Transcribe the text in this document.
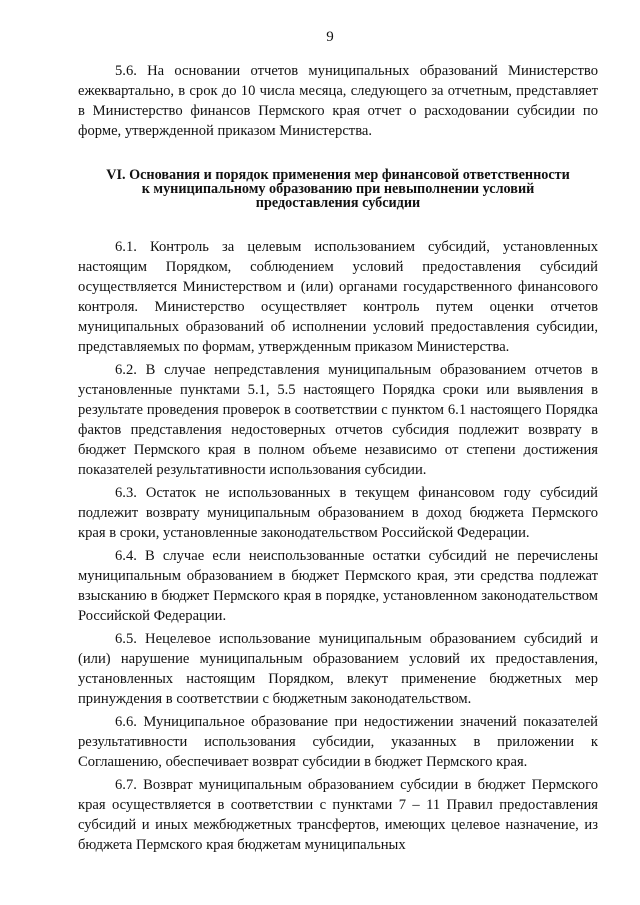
9

5.6. На основании отчетов муниципальных образований Министерство ежеквартально, в срок до 10 числа месяца, следующего за отчетным, представляет в Министерство финансов Пермского края отчет о расходовании субсидии по форме, утвержденной приказом Министерства.

VI. Основания и порядок применения мер финансовой ответственности
к муниципальному образованию при невыполнении условий
предоставления субсидии

6.1. Контроль за целевым использованием субсидий, установленных настоящим Порядком, соблюдением условий предоставления субсидий осуществляется Министерством и (или) органами государственного финансового контроля. Министерство осуществляет контроль путем оценки отчетов муниципальных образований об исполнении условий предоставления субсидии, представляемых по формам, утвержденным приказом Министерства.

6.2. В случае непредставления муниципальным образованием отчетов в установленные пунктами 5.1, 5.5 настоящего Порядка сроки или выявления в результате проведения проверок в соответствии с пунктом 6.1 настоящего Порядка фактов представления недостоверных отчетов субсидия подлежит возврату в бюджет Пермского края в полном объеме независимо от степени достижения показателей результативности использования субсидии.

6.3. Остаток не использованных в текущем финансовом году субсидий подлежит возврату муниципальным образованием в доход бюджета Пермского края в сроки, установленные законодательством Российской Федерации.

6.4. В случае если неиспользованные остатки субсидий не перечислены муниципальным образованием в бюджет Пермского края, эти средства подлежат взысканию в бюджет Пермского края в порядке, установленном законодательством Российской Федерации.

6.5. Нецелевое использование муниципальным образованием субсидий и (или) нарушение муниципальным образованием условий их предоставления, установленных настоящим Порядком, влекут применение бюджетных мер принуждения в соответствии с бюджетным законодательством.

6.6. Муниципальное образование при недостижении значений показателей результативности использования субсидии, указанных в приложении к Соглашению, обеспечивает возврат субсидии в бюджет Пермского края.

6.7. Возврат муниципальным образованием субсидии в бюджет Пермского края осуществляется в соответствии с пунктами 7 – 11 Правил предоставления субсидий и иных межбюджетных трансфертов, имеющих целевое назначение, из бюджета Пермского края бюджетам муниципальных
